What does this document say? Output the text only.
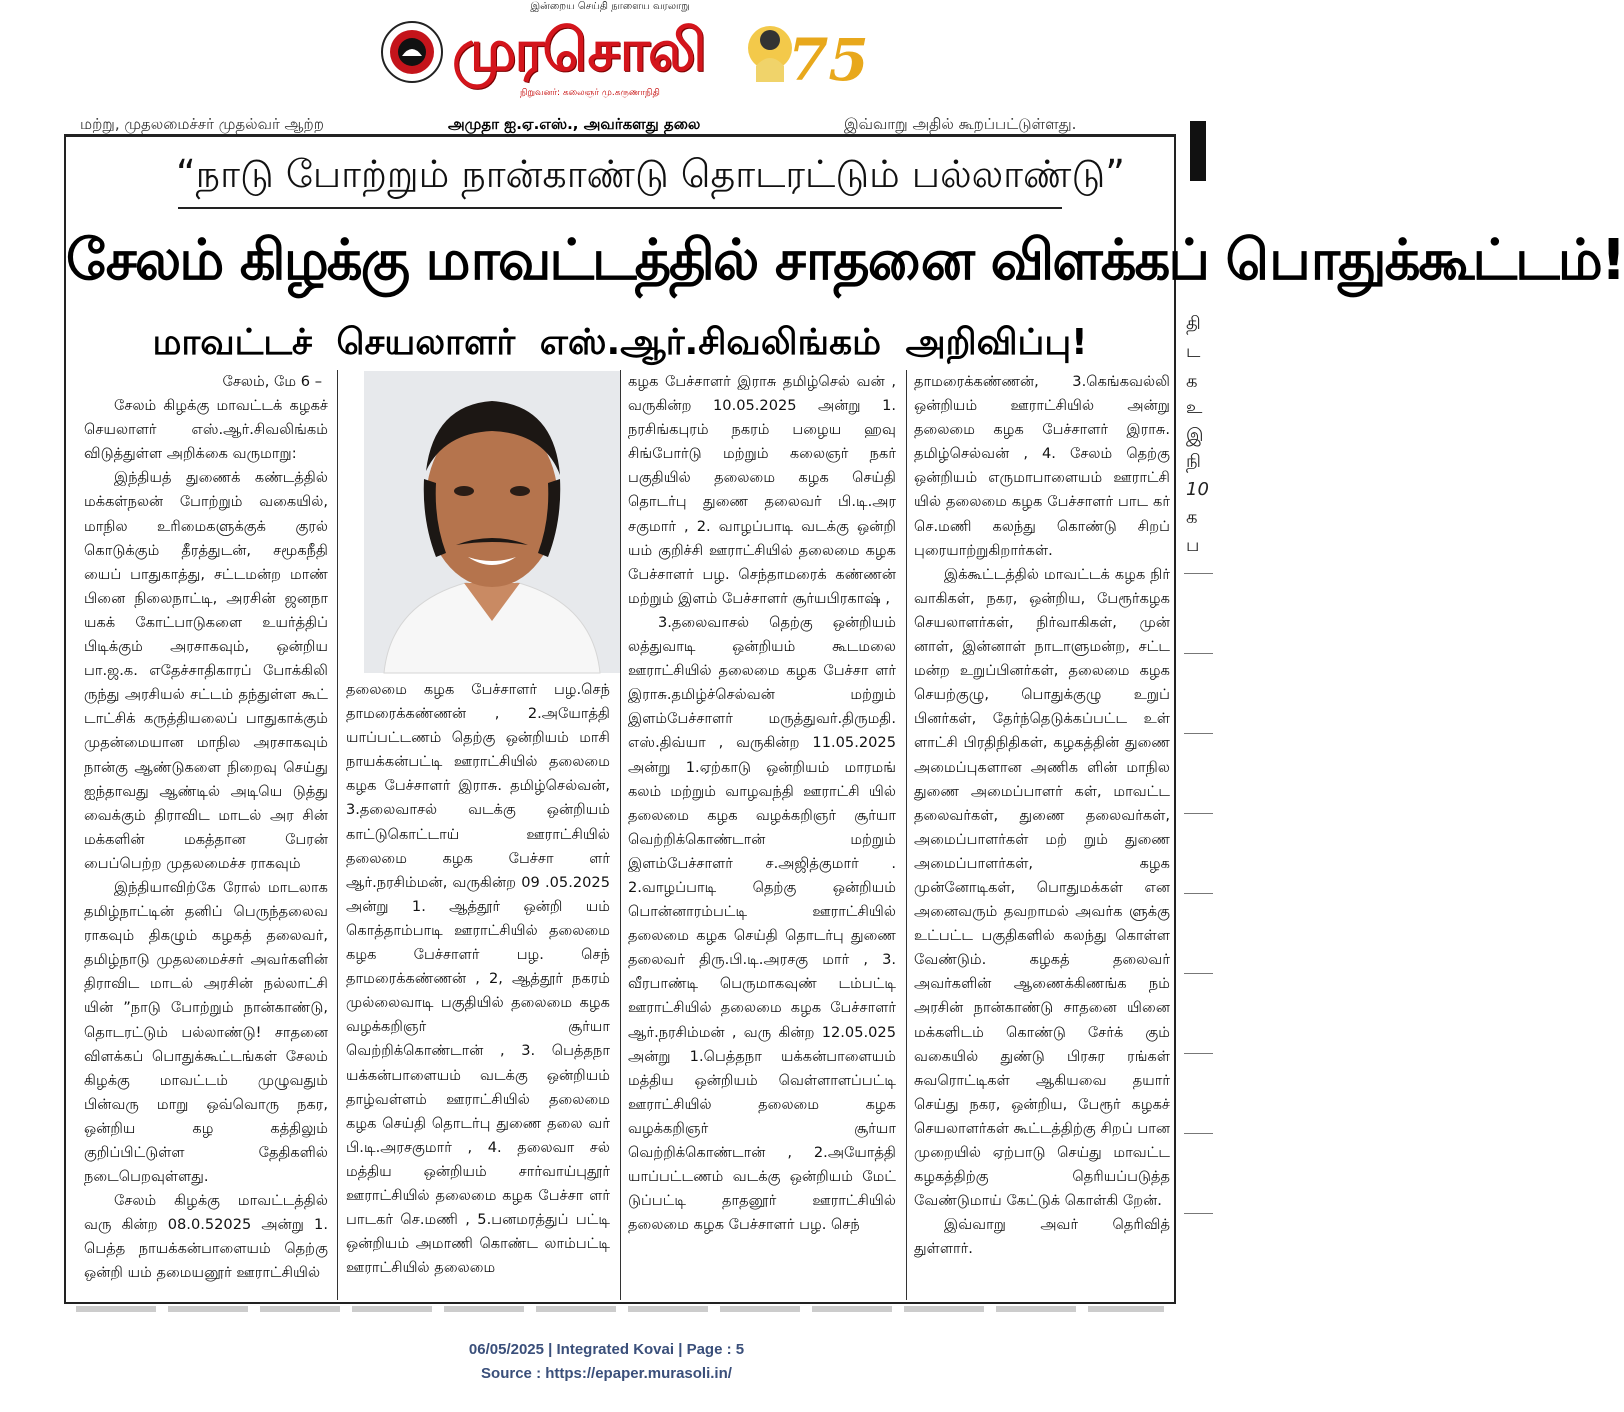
இன்றைய செய்தி நாளைய வரலாறு
முரசொலி
நிறுவனர்: கலைஞர் மு.கருணாநிதி	75
மற்று, முதலமைச்சர் முதல்வர் ஆற்ற	அமுதா ஐ.ஏ.எஸ்., அவர்களது தலை	இவ்வாறு அதில் கூறப்பட்டுள்ளது.
“நாடு போற்றும் நான்காண்டு தொடரட்டும் பல்லாண்டு”
சேலம் கிழக்கு மாவட்டத்தில் சாதனை விளக்கப் பொதுக்கூட்டம்!
மாவட்டச் செயலாளர் எஸ்.ஆர்.சிவலிங்கம் அறிவிப்பு!

சேலம், மே 6 –

சேலம் கிழக்கு மாவட்டக் கழகச் செயலாளர் எஸ்.ஆர்.சிவலிங்கம் விடுத்துள்ள அறிக்கை வருமாறு:

இந்தியத் துணைக் கண்டத்தில் மக்கள்நலன் போற்றும் வகையில், மாநில உரிமைகளுக்குக் குரல் கொடுக்கும் தீரத்துடன், சமூகநீதி யைப் பாதுகாத்து, சட்டமன்ற மாண் பினை நிலைநாட்டி, அரசின் ஜனநா யகக் கோட்பாடுகளை உயர்த்திப் பிடிக்கும் அரசாகவும், ஒன்றிய பா.ஜ.க. எதேச்சாதிகாரப் போக்கிலி ருந்து அரசியல் சட்டம் தந்துள்ள கூட் டாட்சிக் கருத்தியலைப் பாதுகாக்கும் முதன்மையான மாநில அரசாகவும் நான்கு ஆண்டுகளை நிறைவு செய்து ஐந்தாவது ஆண்டில் அடியெ டுத்து வைக்கும் திராவிட மாடல் அர சின் மக்களின் மகத்தான பேரன் பைப்பெற்ற முதலமைச்ச ராகவும்

இந்தியாவிற்கே ரோல் மாடலாக தமிழ்நாட்டின் தனிப் பெருந்தலைவ ராகவும் திகழும் கழகத் தலைவர், தமிழ்நாடு முதலமைச்சர் அவர்களின் திராவிட மாடல் அரசின் நல்லாட்சி யின் ”நாடு போற்றும் நான்காண்டு, தொடரட்டும் பல்லாண்டு! சாதனை விளக்கப் பொதுக்கூட்டங்கள் சேலம் கிழக்கு மாவட்டம் முழுவதும் பின்வரு மாறு ஒவ்வொரு நகர, ஒன்றிய கழ கத்திலும் குறிப்பிட்டுள்ள தேதிகளில் நடைபெறவுள்ளது.

சேலம் கிழக்கு மாவட்டத்தில் வரு கின்ற 08.0.52025 அன்று 1. பெத்த நாயக்கன்பாளையம் தெற்கு ஒன்றி யம் தமையனூர் ஊராட்சியில்

தலைமை கழக பேச்சாளர் பழ.செந் தாமரைக்கண்ணன் , 2.அயோத்தி யாப்பட்டணம் தெற்கு ஒன்றியம் மாசி நாயக்கன்பட்டி ஊராட்சியில் தலைமை கழக பேச்சாளர் இராசு. தமிழ்செல்வன், 3.தலைவாசல் வடக்கு ஒன்றியம் காட்டுகொட்டாய் ஊராட்சியில் தலைமை கழக பேச்சா ளர் ஆர்.நரசிம்மன், வருகின்ற 09 .05.2025 அன்று 1. ஆத்தூர் ஒன்றி யம் கொத்தாம்பாடி ஊராட்சியில் தலைமை கழக பேச்சாளர் பழ. செந் தாமரைக்கண்ணன் , 2, ஆத்தூர் நகரம் முல்லைவாடி பகுதியில் தலைமை கழக வழக்கறிஞர் சூர்யா வெற்றிக்கொண்டான் , 3. பெத்தநா யக்கன்பாளையம் வடக்கு ஒன்றியம் தாழ்வள்ளம் ஊராட்சியில் தலைமை கழக செய்தி தொடர்பு துணை தலை வர் பி.டி.அரசகுமார் , 4. தலைவா சல் மத்திய ஒன்றியம் சார்வாய்புதூர் ஊராட்சியில் தலைமை கழக பேச்சா ளர் பாடகர் செ.மணி , 5.பனமரத்துப் பட்டி ஒன்றியம் அமாணி கொண்ட லாம்பட்டி ஊராட்சியில் தலைமை

கழக பேச்சாளர் இராசு தமிழ்செல் வன் , வருகின்ற 10.05.2025 அன்று 1. நரசிங்கபுரம் நகரம் பழைய ஹவு சிங்போர்டு மற்றும் கலைஞர் நகர் பகுதியில் தலைமை கழக செய்தி தொடர்பு துணை தலைவர் பி.டி.அர சகுமார் , 2. வாழப்பாடி வடக்கு ஒன்றி யம் குறிச்சி ஊராட்சியில் தலைமை கழக பேச்சாளர் பழ. செந்தாமரைக் கண்ணன் மற்றும் இளம் பேச்சாளர் சூர்யபிரகாஷ் ,

3.தலைவாசல் தெற்கு ஒன்றியம் லத்துவாடி ஒன்றியம் கூடமலை ஊராட்சியில் தலைமை கழக பேச்சா ளர் இராசு.தமிழ்ச்செல்வன் மற்றும் இளம்பேச்சாளர் மருத்துவர்.திருமதி. எஸ்.திவ்யா , வருகின்ற 11.05.2025 அன்று 1.ஏற்காடு ஒன்றியம் மாரமங் கலம் மற்றும் வாழவந்தி ஊராட்சி யில் தலைமை கழக வழக்கறிஞர் சூர்யா வெற்றிக்கொண்டான் மற்றும் இளம்பேச்சாளர் ச.அஜித்குமார் . 2.வாழப்பாடி தெற்கு ஒன்றியம் பொன்னாரம்பட்டி ஊராட்சியில் தலைமை கழக செய்தி தொடர்பு துணை தலைவர் திரு.பி.டி.அரசகு மார் , 3. வீரபாண்டி பெருமாகவுண் டம்பட்டி ஊராட்சியில் தலைமை கழக பேச்சாளர் ஆர்.நரசிம்மன் , வரு கின்ற 12.05.025 அன்று 1.பெத்தநா யக்கன்பாளையம் மத்திய ஒன்றியம் வெள்ளாளப்பட்டி ஊராட்சியில் தலைமை கழக வழக்கறிஞர் சூர்யா வெற்றிக்கொண்டான் , 2.அயோத்தி யாப்பட்டணம் வடக்கு ஒன்றியம் மேட் டுப்பட்டி தாதனூர் ஊராட்சியில் தலைமை கழக பேச்சாளர் பழ. செந்

தாமரைக்கண்ணன், 3.கெங்கவல்லி ஒன்றியம் ஊராட்சியில் அன்று தலைமை கழக பேச்சாளர் இராசு. தமிழ்செல்வன் , 4. சேலம் தெற்கு ஒன்றியம் எருமாபாளையம் ஊராட்சி யில் தலைமை கழக பேச்சாளர் பாட கர் செ.மணி கலந்து கொண்டு சிறப் புரையாற்றுகிறார்கள்.

இக்கூட்டத்தில் மாவட்டக் கழக நிர் வாகிகள், நகர, ஒன்றிய, பேரூர்கழக செயலாளர்கள், நிர்வாகிகள், முன் னாள், இன்னாள் நாடாளுமன்ற, சட்ட மன்ற உறுப்பினர்கள், தலைமை கழக செயற்குழு, பொதுக்குழு உறுப் பினர்கள், தேர்ந்தெடுக்கப்பட்ட உள் ளாட்சி பிரதிநிதிகள், கழகத்தின் துணை அமைப்புகளான அணிக ளின் மாநில துணை அமைப்பாளர் கள், மாவட்ட தலைவர்கள், துணை தலைவர்கள், அமைப்பாளர்கள் மற் றும் துணை அமைப்பாளர்கள், கழக முன்னோடிகள், பொதுமக்கள் என அனைவரும் தவறாமல் அவர்க ளுக்கு உட்பட்ட பகுதிகளில் கலந்து கொள்ள வேண்டும். கழகத் தலைவர் அவர்களின் ஆணைக்கிணங்க நம் அரசின் நான்காண்டு சாதனை யினை மக்களிடம் கொண்டு சேர்க் கும் வகையில் துண்டு பிரசுர ரங்கள் சுவரொட்டிகள் ஆகியவை தயார் செய்து நகர, ஒன்றிய, பேரூர் கழகச் செயலாளர்கள் கூட்டத்திற்கு சிறப் பான முறையில் ஏற்பாடு செய்து மாவட்ட கழகத்திற்கு தெரியப்படுத்த வேண்டுமாய் கேட்டுக் கொள்கி றேன்.

இவ்வாறு அவர் தெரிவித் துள்ளார்.

தி
ட
க
உ
இ
நி
10
க
ப
06/05/2025 | Integrated Kovai | Page : 5
Source : https://epaper.murasoli.in/
